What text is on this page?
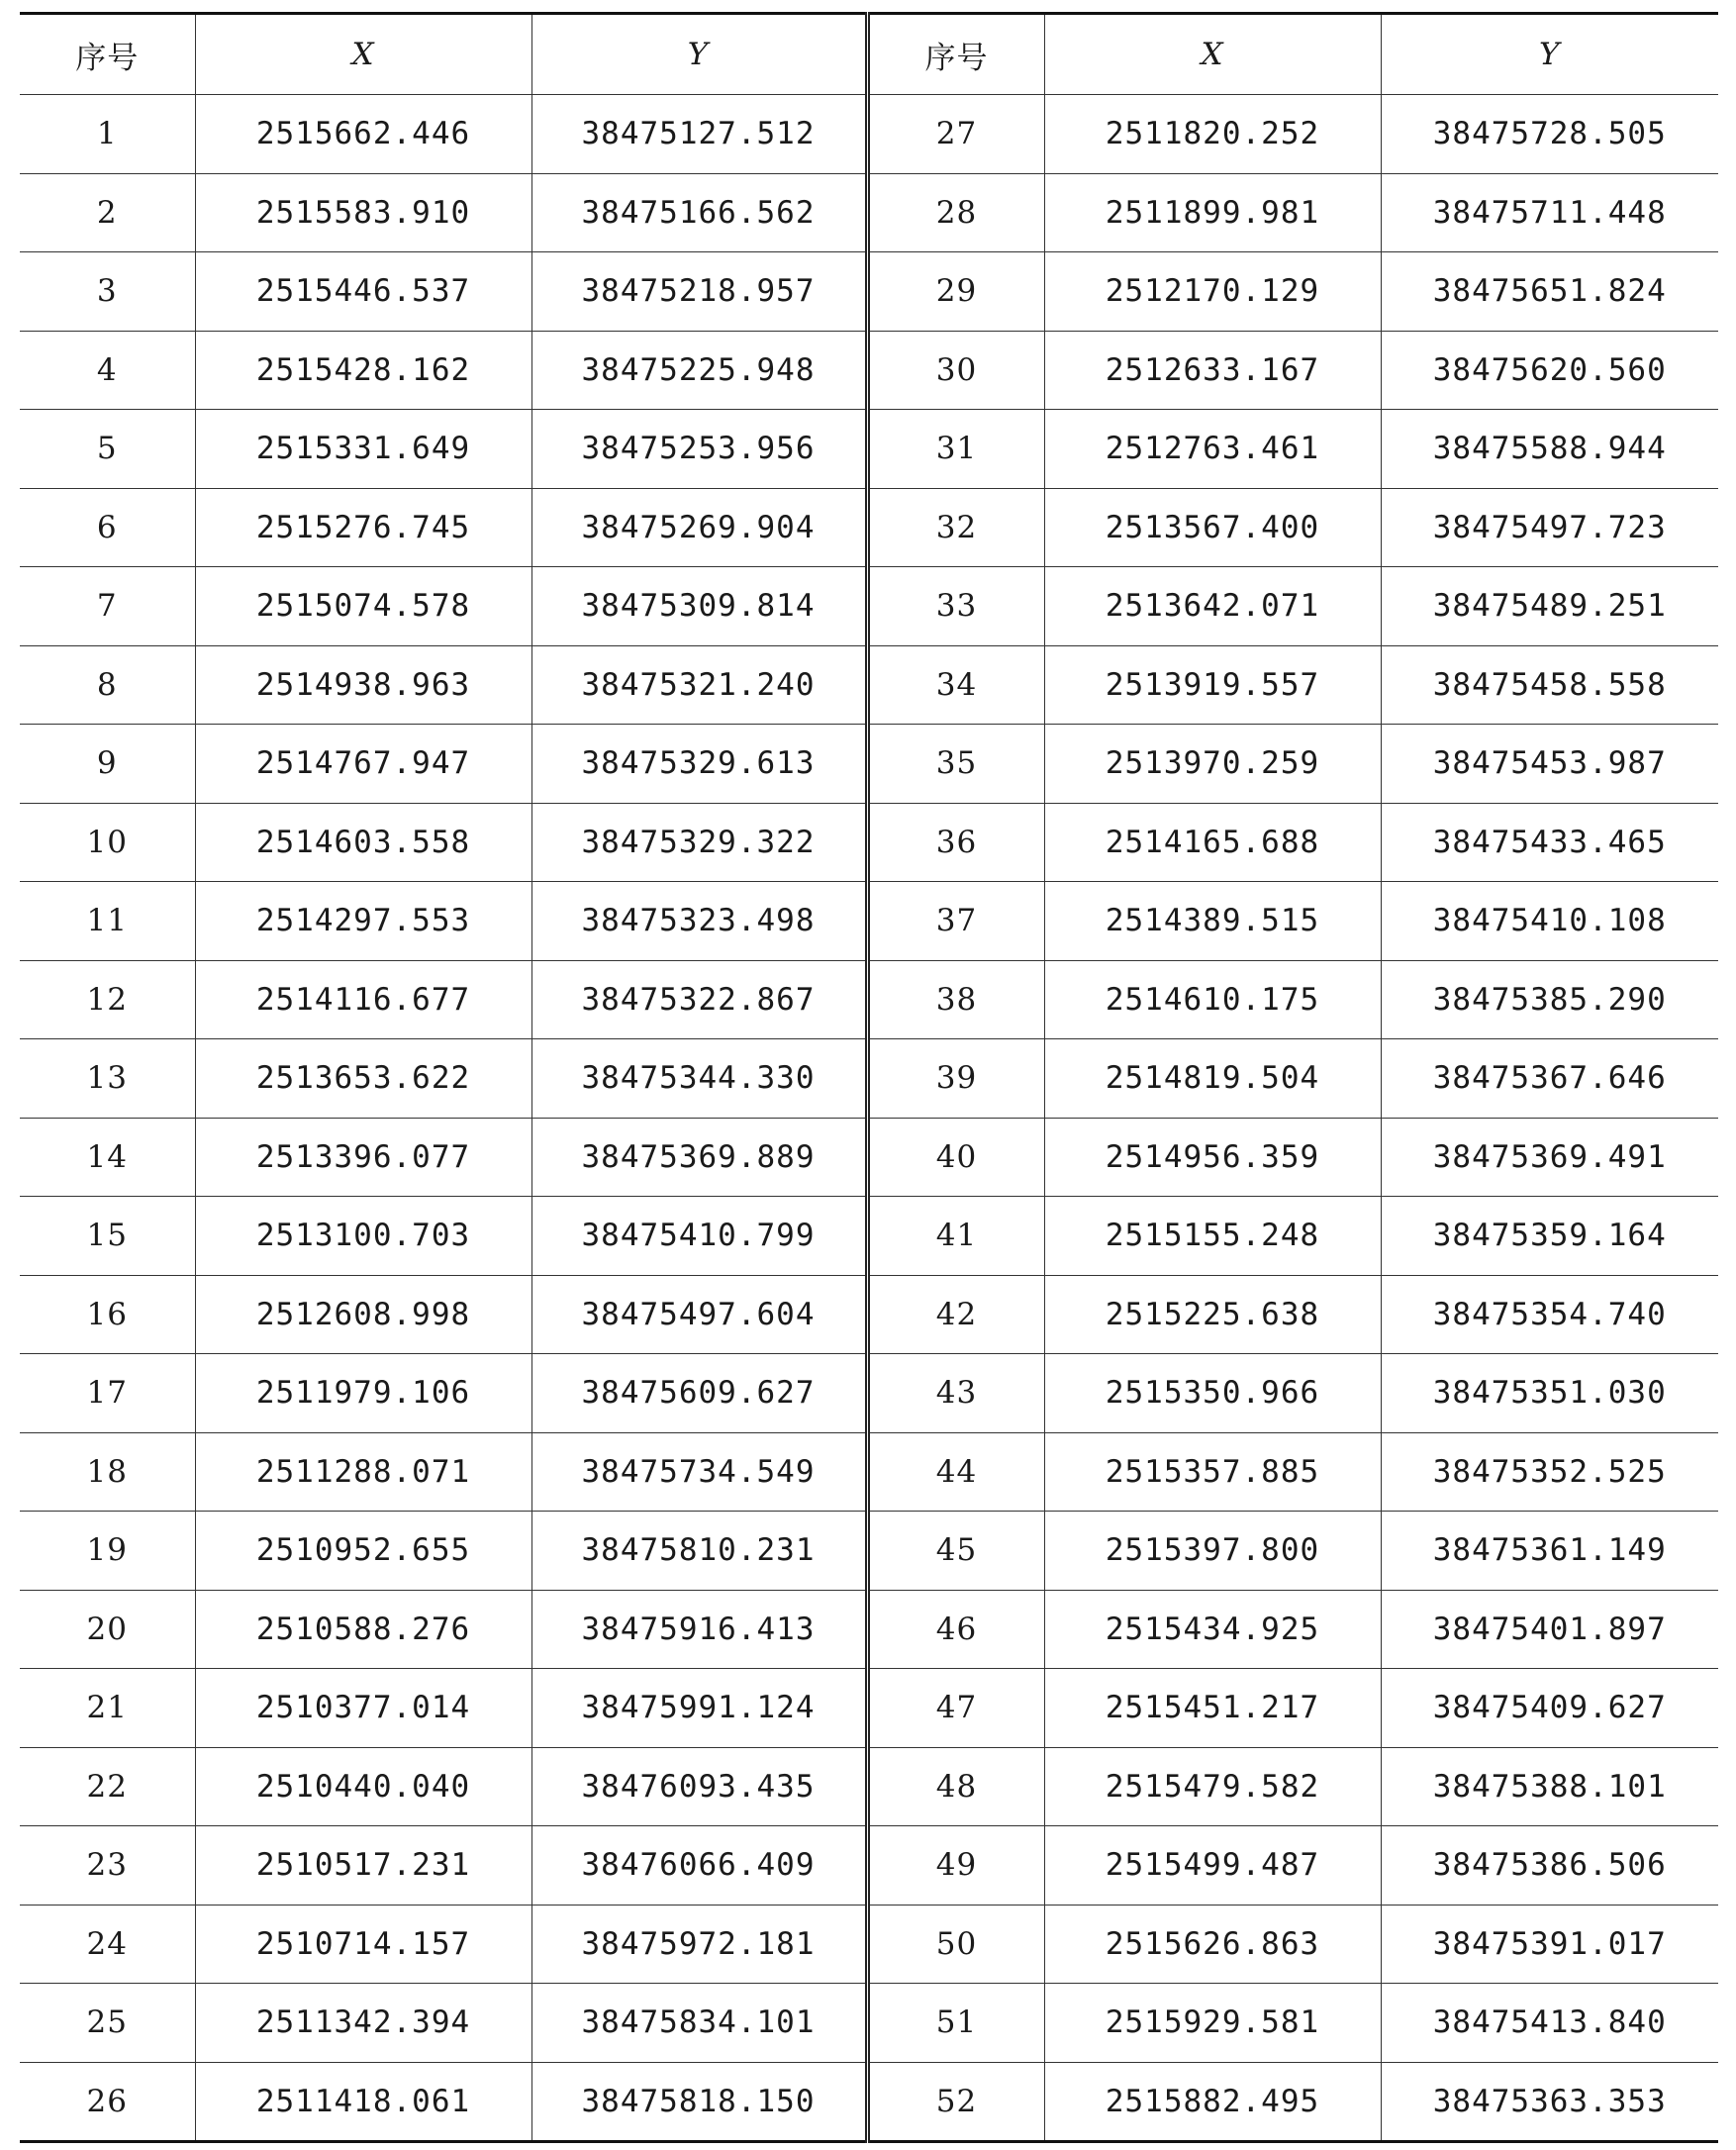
序号	X	Y	序号	X	Y
1	2515662.446	38475127.512	27	2511820.252	38475728.505
2	2515583.910	38475166.562	28	2511899.981	38475711.448
3	2515446.537	38475218.957	29	2512170.129	38475651.824
4	2515428.162	38475225.948	30	2512633.167	38475620.560
5	2515331.649	38475253.956	31	2512763.461	38475588.944
6	2515276.745	38475269.904	32	2513567.400	38475497.723
7	2515074.578	38475309.814	33	2513642.071	38475489.251
8	2514938.963	38475321.240	34	2513919.557	38475458.558
9	2514767.947	38475329.613	35	2513970.259	38475453.987
10	2514603.558	38475329.322	36	2514165.688	38475433.465
11	2514297.553	38475323.498	37	2514389.515	38475410.108
12	2514116.677	38475322.867	38	2514610.175	38475385.290
13	2513653.622	38475344.330	39	2514819.504	38475367.646
14	2513396.077	38475369.889	40	2514956.359	38475369.491
15	2513100.703	38475410.799	41	2515155.248	38475359.164
16	2512608.998	38475497.604	42	2515225.638	38475354.740
17	2511979.106	38475609.627	43	2515350.966	38475351.030
18	2511288.071	38475734.549	44	2515357.885	38475352.525
19	2510952.655	38475810.231	45	2515397.800	38475361.149
20	2510588.276	38475916.413	46	2515434.925	38475401.897
21	2510377.014	38475991.124	47	2515451.217	38475409.627
22	2510440.040	38476093.435	48	2515479.582	38475388.101
23	2510517.231	38476066.409	49	2515499.487	38475386.506
24	2510714.157	38475972.181	50	2515626.863	38475391.017
25	2511342.394	38475834.101	51	2515929.581	38475413.840
26	2511418.061	38475818.150	52	2515882.495	38475363.353
